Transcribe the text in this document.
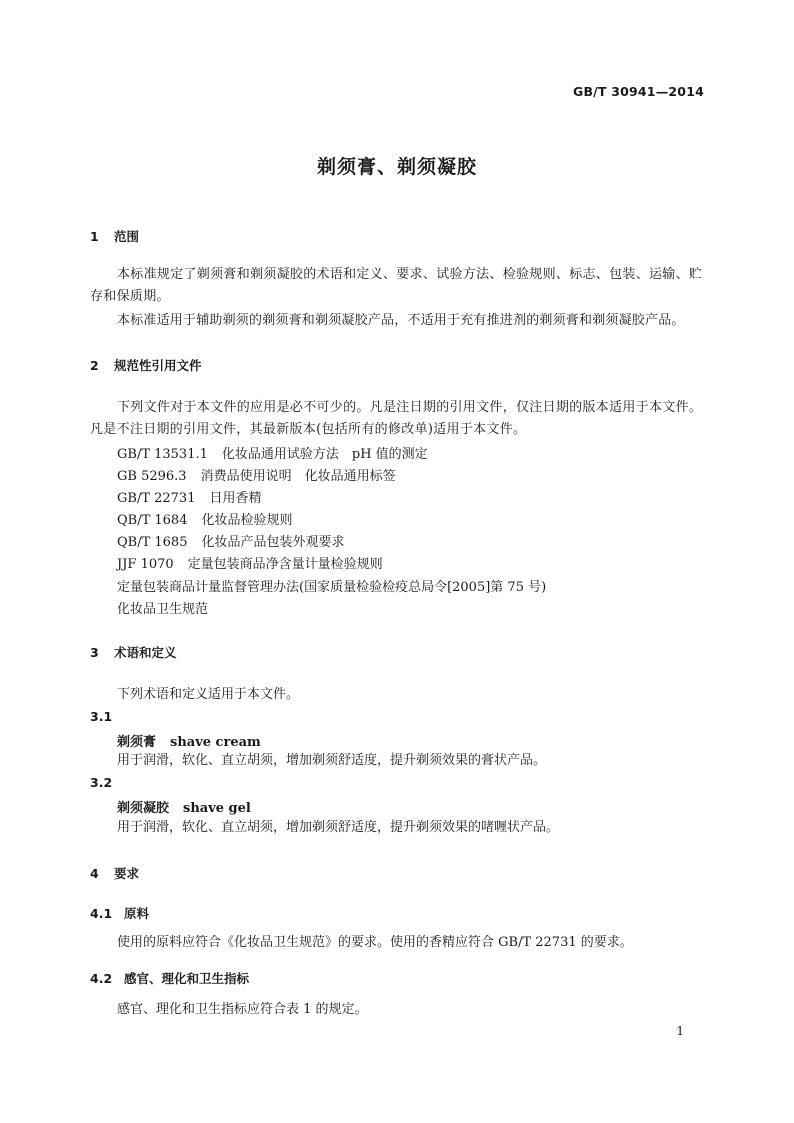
GB/T 30941—2014
剃须膏、剃须凝胶
1 范围
本标准规定了剃须膏和剃须凝胶的术语和定义、要求、试验方法、检验规则、标志、包装、运输、贮存和保质期。
本标准适用于辅助剃须的剃须膏和剃须凝胶产品，不适用于充有推进剂的剃须膏和剃须凝胶产品。
2 规范性引用文件
下列文件对于本文件的应用是必不可少的。凡是注日期的引用文件，仅注日期的版本适用于本文件。凡是不注日期的引用文件，其最新版本(包括所有的修改单)适用于本文件。
GB/T 13531.1 化妆品通用试验方法　pH 值的测定
GB 5296.3 消费品使用说明　化妆品通用标签
GB/T 22731 日用香精
QB/T 1684 化妆品检验规则
QB/T 1685 化妆品产品包装外观要求
JJF 1070 定量包装商品净含量计量检验规则
定量包装商品计量监督管理办法(国家质量检验检疫总局令[2005]第 75 号)
化妆品卫生规范
3 术语和定义
下列术语和定义适用于本文件。
3.1
剃须膏 shave cream
用于润滑，软化、直立胡须，增加剃须舒适度，提升剃须效果的膏状产品。
3.2
剃须凝胶 shave gel
用于润滑，软化、直立胡须，增加剃须舒适度，提升剃须效果的啫喱状产品。
4 要求
4.1 原料
使用的原料应符合《化妆品卫生规范》的要求。使用的香精应符合 GB/T 22731 的要求。
4.2 感官、理化和卫生指标
感官、理化和卫生指标应符合表 1 的规定。
1
